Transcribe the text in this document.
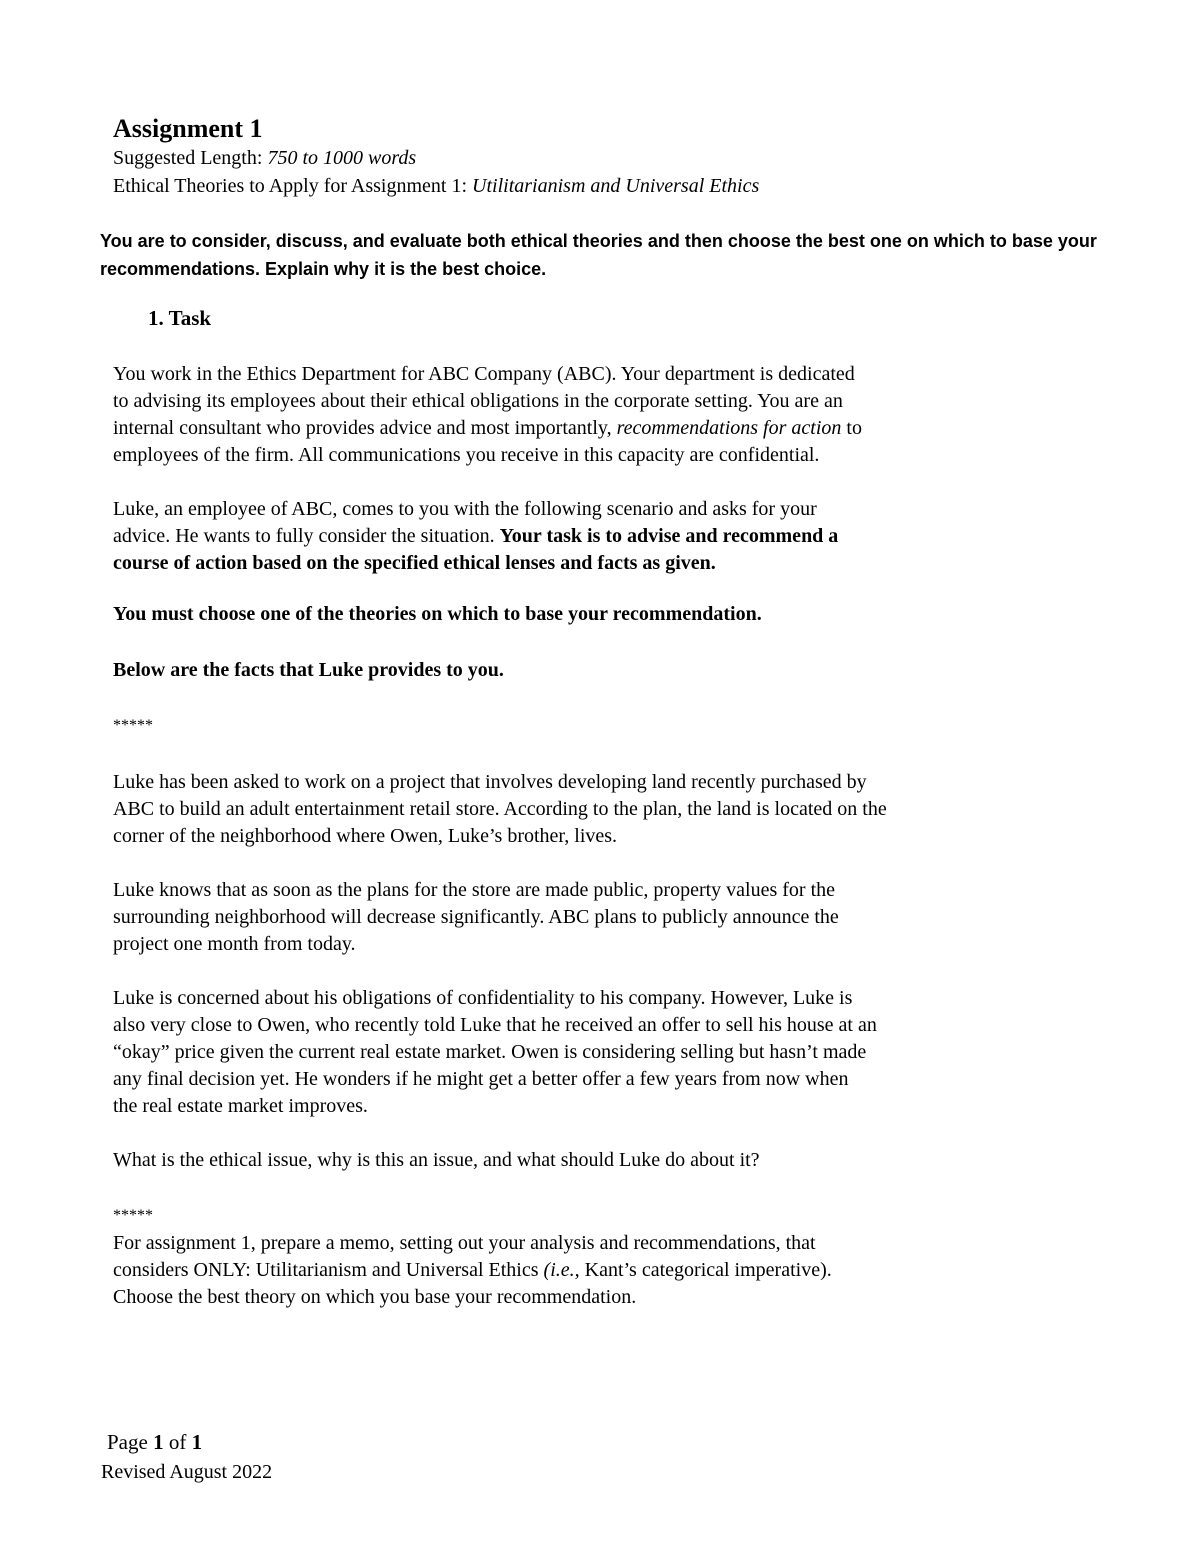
Assignment 1
Suggested Length: 750 to 1000 words
Ethical Theories to Apply for Assignment 1: Utilitarianism and Universal Ethics

You are to consider, discuss, and evaluate both ethical theories and then choose the best one on which to base your recommendations. Explain why it is the best choice.

1. Task
You work in the Ethics Department for ABC Company (ABC). Your department is dedicated
to advising its employees about their ethical obligations in the corporate setting. You are an
internal consultant who provides advice and most importantly, recommendations for action to
employees of the firm. All communications you receive in this capacity are confidential.
Luke, an employee of ABC, comes to you with the following scenario and asks for your
advice. He wants to fully consider the situation. Your task is to advise and recommend a
course of action based on the specified ethical lenses and facts as given.
You must choose one of the theories on which to base your recommendation.
Below are the facts that Luke provides to you.
*****
Luke has been asked to work on a project that involves developing land recently purchased by
ABC to build an adult entertainment retail store. According to the plan, the land is located on the
corner of the neighborhood where Owen, Luke’s brother, lives.
Luke knows that as soon as the plans for the store are made public, property values for the
surrounding neighborhood will decrease significantly. ABC plans to publicly announce the
project one month from today.
Luke is concerned about his obligations of confidentiality to his company. However, Luke is
also very close to Owen, who recently told Luke that he received an offer to sell his house at an
“okay” price given the current real estate market. Owen is considering selling but hasn’t made
any final decision yet. He wonders if he might get a better offer a few years from now when
the real estate market improves.
What is the ethical issue, why is this an issue, and what should Luke do about it?
*****
For assignment 1, prepare a memo, setting out your analysis and recommendations, that
considers ONLY: Utilitarianism and Universal Ethics (i.e., Kant’s categorical imperative).
Choose the best theory on which you base your recommendation.
Page 1 of 1
Revised August 2022
